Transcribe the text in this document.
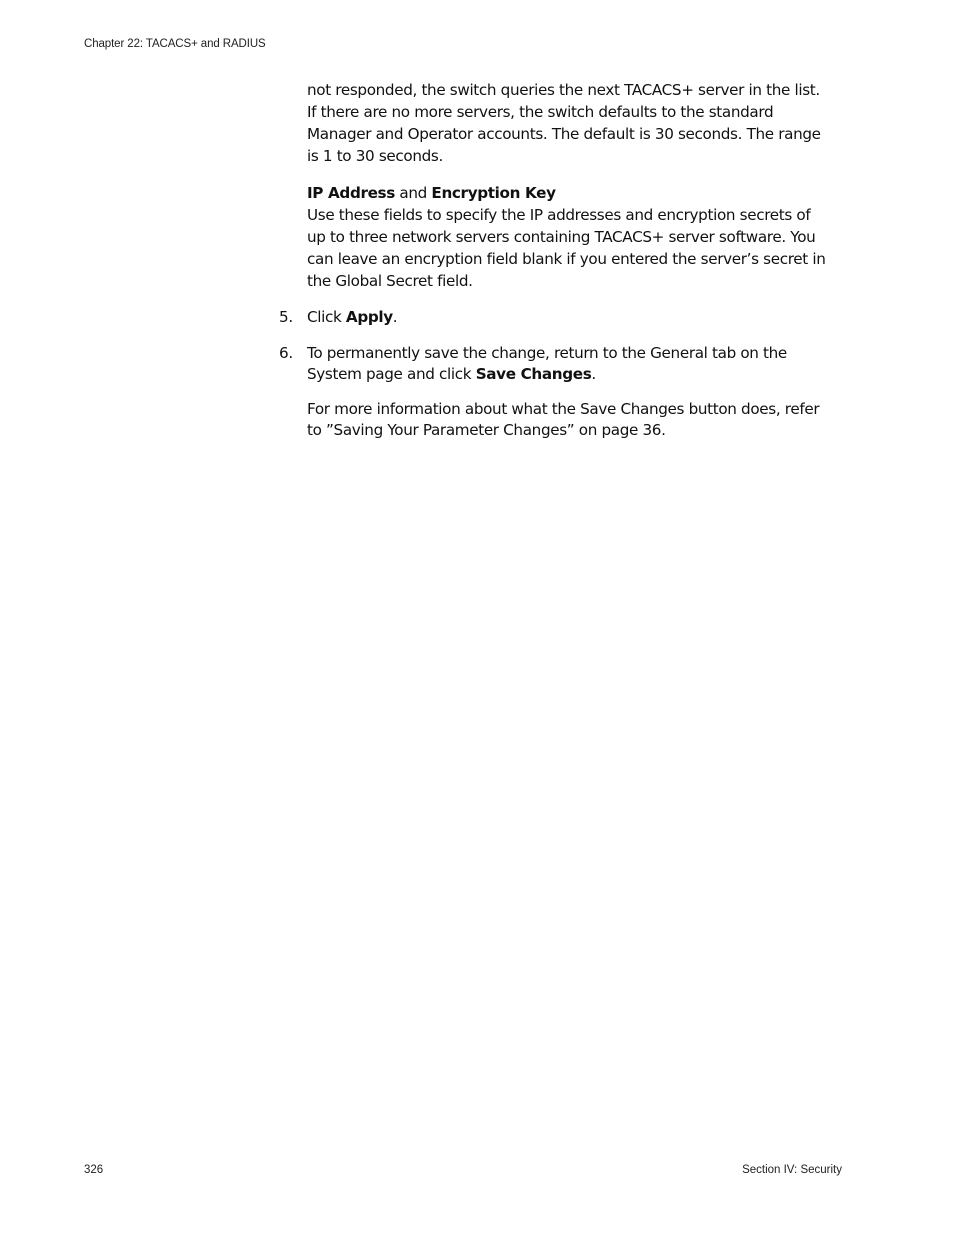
Chapter 22: TACACS+ and RADIUS

not responded, the switch queries the next TACACS+ server in the list. If there are no more servers, the switch defaults to the standard Manager and Operator accounts. The default is 30 seconds. The range is 1 to 30 seconds.

IP Address and Encryption Key

Use these fields to specify the IP addresses and encryption secrets of up to three network servers containing TACACS+ server software. You can leave an encryption field blank if you entered the server’s secret in the Global Secret field.

5. Click Apply.
6. To permanently save the change, return to the General tab on the System page and click Save Changes.

For more information about what the Save Changes button does, refer to ”Saving Your Parameter Changes” on page 36.

326	Section IV: Security
